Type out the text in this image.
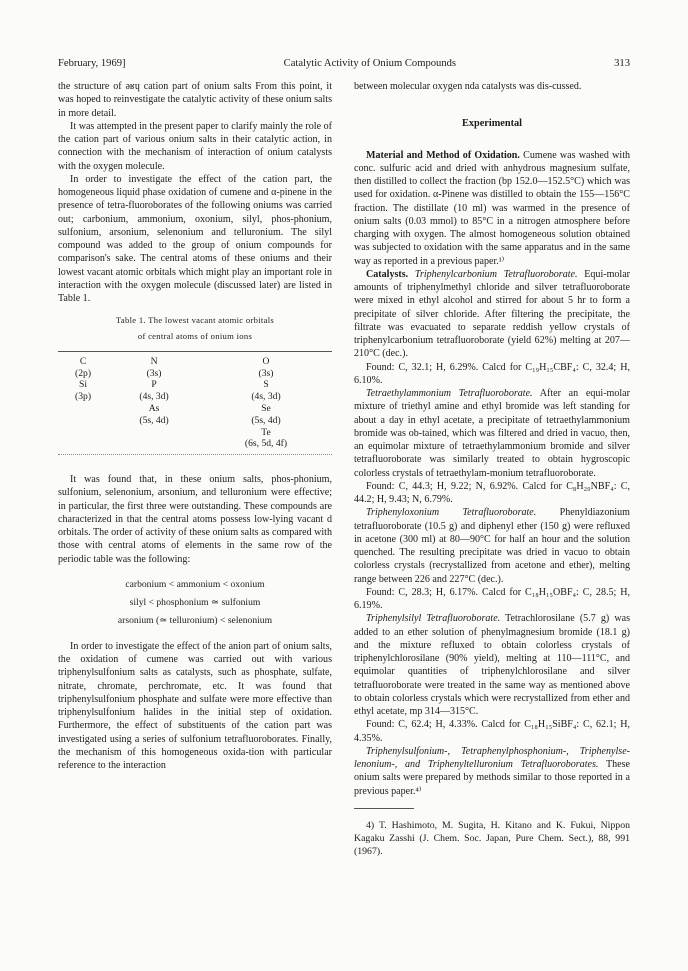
February, 1969]	Catalytic Activity of Onium Compounds	313

the structure of əʁɥ cation part of onium salts From this point, it was hoped to reinvestigate the catalytic activity of these onium salts in more detail.

It was attempted in the present paper to clarify mainly the role of the cation part of various onium salts in their catalytic action, in connection with the mechanism of interaction of onium catalysts with the oxygen molecule.

In order to investigate the effect of the cation part, the homogeneous liquid phase oxidation of cumene and α-pinene in the presence of tetra-fluoroborates of the following oniums was carried out; carbonium, ammonium, oxonium, silyl, phos-phonium, sulfonium, arsonium, selenonium and telluronium. The silyl compound was added to the group of onium compounds for comparison's sake. The central atoms of these oniums and their lowest vacant atomic orbitals which might play an important role in interaction with the oxygen molecule (discussed later) are listed in Table 1.

Table 1. The lowest vacant atomic orbitals
of central atoms of onium ions
C	N	O
(2p)	(3s)	(3s)
Si	P	S
(3p)	(4s, 3d)	(4s, 3d)
	As	Se
	(5s, 4d)	(5s, 4d)
		Te
		(6s, 5d, 4f)

It was found that, in these onium salts, phos-phonium, sulfonium, selenonium, arsonium, and telluronium were effective; in particular, the first three were outstanding. These compounds are characterized in that the central atoms possess low-lying vacant d orbitals. The order of activity of these onium salts as compared with those with central atoms of elements in the same row of the periodic table was the following:

carbonium < ammonium < oxonium
silyl < phosphonium ≃ sulfonium
arsonium (≃ telluronium) < selenonium

In order to investigate the effect of the anion part of onium salts, the oxidation of cumene was carried out with various triphenylsulfonium salts as catalysts, such as phosphate, sulfate, nitrate, chromate, perchromate, etc. It was found that triphenylsulfonium phosphate and sulfate were more effective than triphenylsulfonium halides in the initial step of oxidation. Furthermore, the effect of substituents of the cation part was investigated using a series of sulfonium tetrafluoroborates. Finally, the mechanism of this homogeneous oxida-tion with particular reference to the interaction

between molecular oxygen nda catalysts was dis-cussed.

Experimental

Material and Method of Oxidation. Cumene was washed with conc. sulfuric acid and dried with anhydrous magnesium sulfate, then distilled to collect the fraction (bp 152.0—152.5°C) which was used for oxidation. α-Pinene was distilled to obtain the 155—156°C fraction. The distillate (10 ml) was warmed in the presence of onium salts (0.03 mmol) to 85°C in a nitrogen atmosphere before charging with oxygen. The almost homogeneous solution obtained was subjected to oxidation with the same apparatus and in the same way as reported in a previous paper.¹⁾

Catalysts. Triphenylcarbonium Tetrafluoroborate. Equi-molar amounts of triphenylmethyl chloride and silver tetrafluoroborate were mixed in ethyl alcohol and stirred for about 5 hr to form a precipitate of silver chloride. After filtering the precipitate, the filtrate was evacuated to separate reddish yellow crystals of triphenylcarbonium tetrafluoroborate (yield 62%) melting at 207—210°C (dec.).

Found: C, 32.1; H, 6.29%. Calcd for C₁₉H₁₅CBF₄: C, 32.4; H, 6.10%.

Tetraethylammonium Tetrafluoroborate. After an equi-molar mixture of triethyl amine and ethyl bromide was left standing for about a day in ethyl acetate, a precipitate of tetraethylammonium bromide was ob-tained, which was filtered and dried in vacuo, then, an equimolar mixture of tetraethylammonium bromide and silver tetrafluoroborate was similarly treated to obtain hygroscopic colorless crystals of tetraethylam-monium tetrafluoroborate.

Found: C, 44.3; H, 9.22; N, 6.92%. Calcd for C₈H₂₀NBF₄: C, 44.2; H, 9.43; N, 6.79%.

Triphenyloxonium Tetrafluoroborate. Phenyldiazonium tetrafluoroborate (10.5 g) and diphenyl ether (150 g) were refluxed in acetone (300 ml) at 80—90°C for half an hour and the solution quenched. The resulting precipitate was dried in vacuo to obtain colorless crystals (recrystallized from acetone and ether), melting range between 226 and 227°C (dec.).

Found: C, 28.3; H, 6.17%. Calcd for C₁₈H₁₅OBF₄: C, 28.5; H, 6.19%.

Triphenylsilyl Tetrafluoroborate. Tetrachlorosilane (5.7 g) was added to an ether solution of phenylmagnesium bromide (18.1 g) and the mixture refluxed to obtain colorless crystals of triphenylchlorosilane (90% yield), melting at 110—111°C, and equimolar quantities of triphenylchlorosilane and silver tetrafluoroborate were treated in the same way as mentioned above to obtain colorless crystals which were recrystallized from ether and ethyl acetate, mp 314—315°C.

Found: C, 62.4; H, 4.33%. Calcd for C₁₈H₁₅SiBF₄: C, 62.1; H, 4.35%.

Triphenylsulfonium-, Tetraphenylphosphonium-, Triphenylse-lenonium-, and Triphenyltelluronium Tetrafluoroborates. These onium salts were prepared by methods similar to those reported in a previous paper.⁴⁾

4) T. Hashimoto, M. Sugita, H. Kitano and K. Fukui, Nippon Kagaku Zasshi (J. Chem. Soc. Japan, Pure Chem. Sect.), 88, 991 (1967).
